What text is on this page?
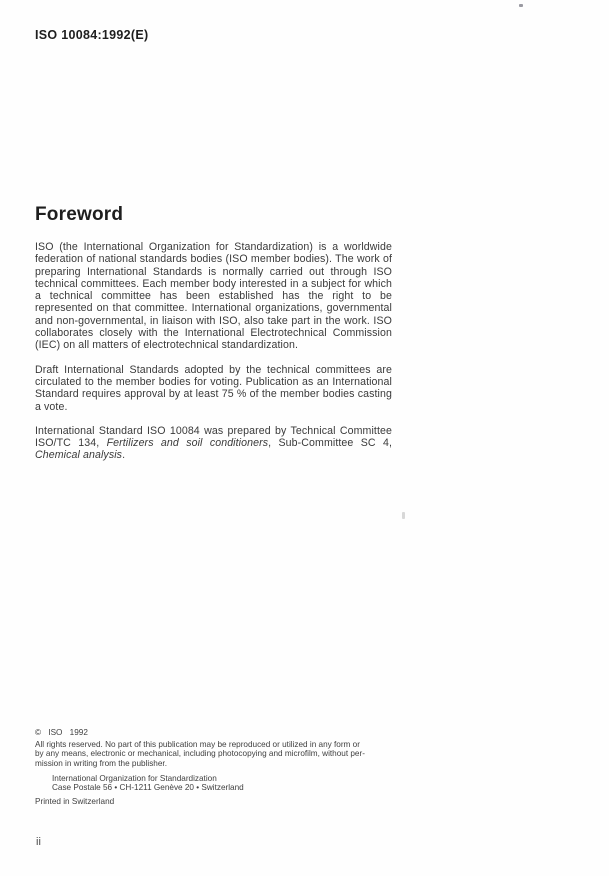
ISO 10084:1992(E)
Foreword

ISO (the International Organization for Standardization) is a worldwide federation of national standards bodies (ISO member bodies). The work of preparing International Standards is normally carried out through ISO technical committees. Each member body interested in a subject for which a technical committee has been established has the right to be represented on that committee. International organizations, governmental and non-governmental, in liaison with ISO, also take part in the work. ISO collaborates closely with the International Electrotechnical Commission (IEC) on all matters of electrotechnical standardization.

Draft International Standards adopted by the technical committees are circulated to the member bodies for voting. Publication as an International Standard requires approval by at least 75 % of the member bodies casting a vote.

International Standard ISO 10084 was prepared by Technical Committee ISO/TC 134, Fertilizers and soil conditioners, Sub-Committee SC 4, Chemical analysis.

© ISO 1992
All rights reserved. No part of this publication may be reproduced or utilized in any form or
by any means, electronic or mechanical, including photocopying and microfilm, without per-
mission in writing from the publisher.
International Organization for Standardization
Case Postale 56 • CH-1211 Genève 20 • Switzerland
Printed in Switzerland
ii
